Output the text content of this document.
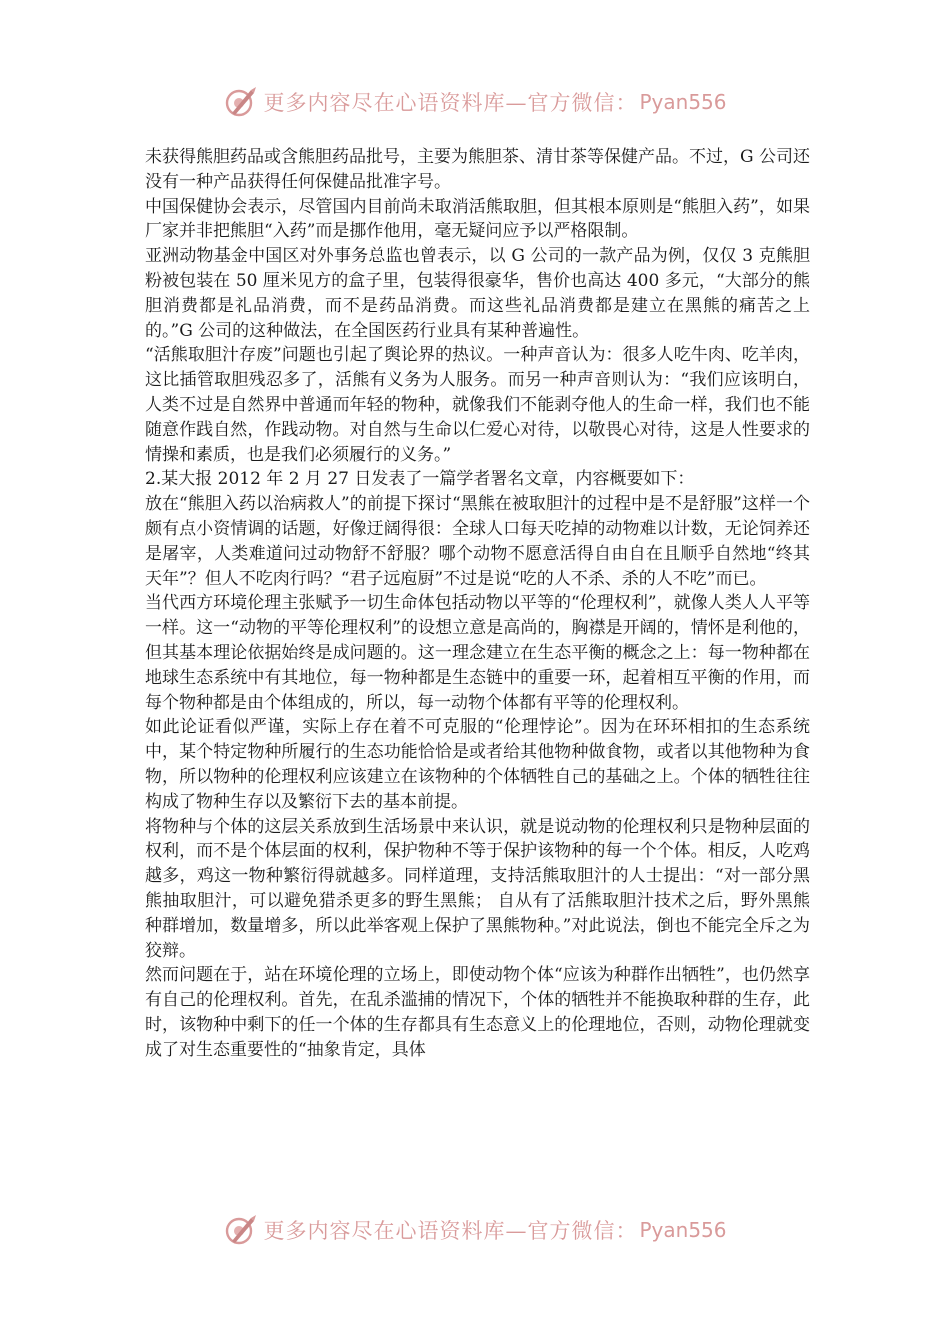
更多内容尽在心语资料库—官方微信： Pyan556

未获得熊胆药品或含熊胆药品批号，主要为熊胆茶、清甘茶等保健产品。不过，G 公司还没有一种产品获得任何保健品批准字号。

中国保健协会表示，尽管国内目前尚未取消活熊取胆，但其根本原则是“熊胆入药”，如果厂家并非把熊胆“入药”而是挪作他用，毫无疑问应予以严格限制。

亚洲动物基金中国区对外事务总监也曾表示，以 G 公司的一款产品为例，仅仅 3 克熊胆粉被包装在 50 厘米见方的盒子里，包装得很豪华，售价也高达 400 多元，“大部分的熊胆消费都是礼品消费，而不是药品消费。而这些礼品消费都是建立在黑熊的痛苦之上的。”G 公司的这种做法，在全国医药行业具有某种普遍性。

“活熊取胆汁存废”问题也引起了舆论界的热议。一种声音认为：很多人吃牛肉、吃羊肉，这比插管取胆残忍多了，活熊有义务为人服务。而另一种声音则认为：“我们应该明白，人类不过是自然界中普通而年轻的物种，就像我们不能剥夺他人的生命一样，我们也不能随意作践自然，作践动物。对自然与生命以仁爱心对待，以敬畏心对待，这是人性要求的情操和素质，也是我们必须履行的义务。”

2.某大报 2012 年 2 月 27 日发表了一篇学者署名文章，内容概要如下：

放在“熊胆入药以治病救人”的前提下探讨“黑熊在被取胆汁的过程中是不是舒服”这样一个颇有点小资情调的话题，好像迂阔得很：全球人口每天吃掉的动物难以计数，无论饲养还是屠宰，人类难道问过动物舒不舒服？哪个动物不愿意活得自由自在且顺乎自然地“终其天年”？但人不吃肉行吗？“君子远庖厨”不过是说“吃的人不杀、杀的人不吃”而已。

当代西方环境伦理主张赋予一切生命体包括动物以平等的“伦理权利”，就像人类人人平等一样。这一“动物的平等伦理权利”的设想立意是高尚的，胸襟是开阔的，情怀是利他的，但其基本理论依据始终是成问题的。这一理念建立在生态平衡的概念之上：每一物种都在地球生态系统中有其地位，每一物种都是生态链中的重要一环，起着相互平衡的作用，而每个物种都是由个体组成的，所以，每一动物个体都有平等的伦理权利。

如此论证看似严谨，实际上存在着不可克服的“伦理悖论”。因为在环环相扣的生态系统中，某个特定物种所履行的生态功能恰恰是或者给其他物种做食物，或者以其他物种为食物，所以物种的伦理权利应该建立在该物种的个体牺牲自己的基础之上。个体的牺牲往往构成了物种生存以及繁衍下去的基本前提。

将物种与个体的这层关系放到生活场景中来认识，就是说动物的伦理权利只是物种层面的权利，而不是个体层面的权利，保护物种不等于保护该物种的每一个个体。相反，人吃鸡越多，鸡这一物种繁衍得就越多。同样道理，支持活熊取胆汁的人士提出：“对一部分黑熊抽取胆汁，可以避免猎杀更多的野生黑熊； 自从有了活熊取胆汁技术之后，野外黑熊种群增加，数量增多，所以此举客观上保护了黑熊物种。”对此说法，倒也不能完全斥之为狡辩。

然而问题在于，站在环境伦理的立场上，即使动物个体“应该为种群作出牺牲”，也仍然享有自己的伦理权利。首先，在乱杀滥捕的情况下，个体的牺牲并不能换取种群的生存，此时，该物种中剩下的任一个体的生存都具有生态意义上的伦理地位，否则，动物伦理就变成了对生态重要性的“抽象肯定，具体

更多内容尽在心语资料库—官方微信： Pyan556
